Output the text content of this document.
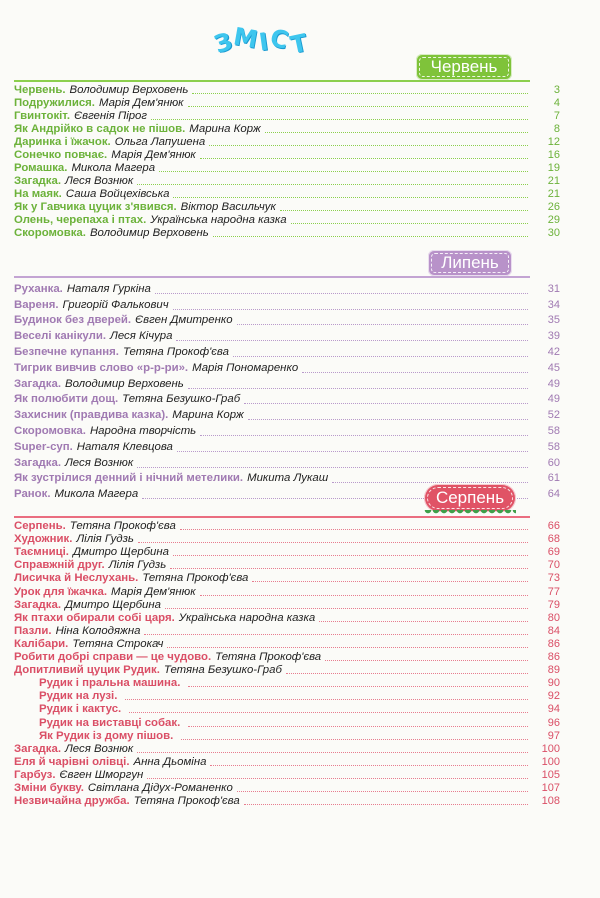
З
М
І
С
Т
Червень
Червень. Володимир Верховень	3
Подружилися. Марія Дем'янюк	4
Гвинтокіт. Євгенія Пірог	7
Як Андрійко в садок не пішов. Марина Корж	8
Даринка і їжачок. Ольга Лапушена	12
Сонечко повчає. Марія Дем'янюк	16
Ромашка. Микола Магера	19
Загадка. Леся Вознюк	21
На маяк. Саша Войцехівська	21
Як у Гавчика цуцик з'явився. Віктор Васильчук	26
Олень, черепаха і птах. Українська народна казка	29
Скоромовка. Володимир Верховень	30
Липень
Руханка. Наталя Гуркіна	31
Вареня. Григорій Фалькович	34
Будинок без дверей. Євген Дмитренко	35
Веселі канікули. Леся Кічура	39
Безпечне купання. Тетяна Прокоф'єва	42
Тигрик вивчив слово «р-р-ри». Марія Пономаренко	45
Загадка. Володимир Верховень	49
Як полюбити дощ. Тетяна Безушко-Граб	49
Захисник (правдива казка). Марина Корж	52
Скоромовка. Народна творчість	58
Super-суп. Наталя Клевцова	58
Загадка. Леся Вознюк	60
Як зустрілися денний і нічний метелики. Микита Лукаш	61
Ранок. Микола Магера	64
Серпень
Серпень. Тетяна Прокоф'єва	66
Художник. Лілія Гудзь	68
Таємниці. Дмитро Щербина	69
Справжній друг. Лілія Гудзь	70
Лисичка й Неслухань. Тетяна Прокоф'єва	73
Урок для їжачка. Марія Дем'янюк	77
Загадка. Дмитро Щербина	79
Як птахи обирали собі царя. Українська народна казка	80
Пазли. Ніна Колодяжна	84
Калібари. Тетяна Строкач	86
Робити добрі справи — це чудово. Тетяна Прокоф'єва	86
Допитливий цуцик Рудик. Тетяна Безушко-Граб	89
Рудик і пральна машина.	90
Рудик на лузі.	92
Рудик і кактус.	94
Рудик на виставці собак.	96
Як Рудик із дому пішов.	97
Загадка. Леся Вознюк	100
Еля й чарівні олівці. Анна Дьоміна	100
Гарбуз. Євген Шморгун	105
Зміни букву. Світлана Дідух-Романенко	107
Незвичайна дружба. Тетяна Прокоф'єва	108
